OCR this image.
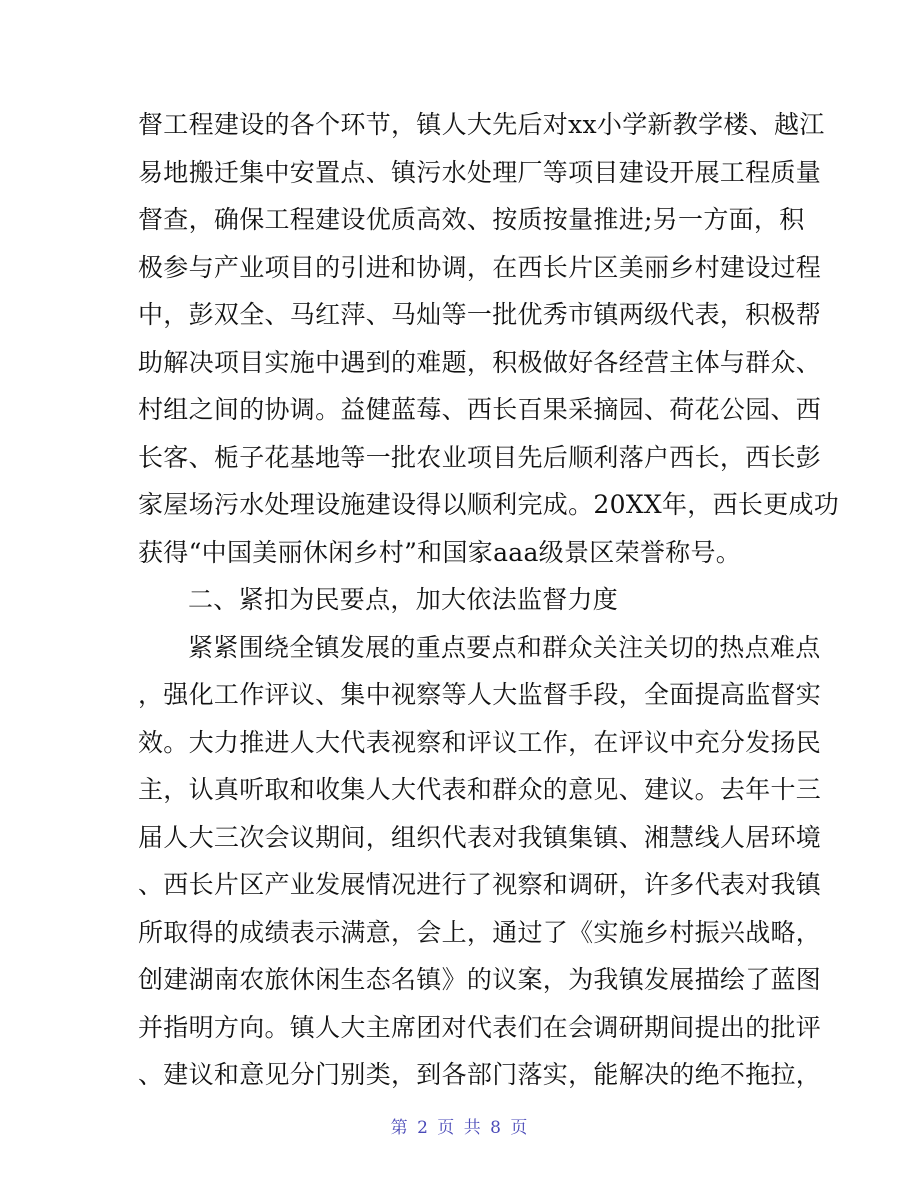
督工程建设的各个环节，镇人大先后对xx小学新教学楼、越江
易地搬迁集中安置点、镇污水处理厂等项目建设开展工程质量
督查，确保工程建设优质高效、按质按量推进;另一方面，积
极参与产业项目的引进和协调，在西长片区美丽乡村建设过程
中，彭双全、马红萍、马灿等一批优秀市镇两级代表，积极帮
助解决项目实施中遇到的难题，积极做好各经营主体与群众、
村组之间的协调。益健蓝莓、西长百果采摘园、荷花公园、西
长客、栀子花基地等一批农业项目先后顺利落户西长，西长彭
家屋场污水处理设施建设得以顺利完成。20XX年，西长更成功
获得“中国美丽休闲乡村”和国家aaa级景区荣誉称号。
二、紧扣为民要点，加大依法监督力度
紧紧围绕全镇发展的重点要点和群众关注关切的热点难点
，强化工作评议、集中视察等人大监督手段，全面提高监督实
效。大力推进人大代表视察和评议工作，在评议中充分发扬民
主，认真听取和收集人大代表和群众的意见、建议。去年十三
届人大三次会议期间，组织代表对我镇集镇、湘慧线人居环境
、西长片区产业发展情况进行了视察和调研，许多代表对我镇
所取得的成绩表示满意，会上，通过了《实施乡村振兴战略，
创建湖南农旅休闲生态名镇》的议案，为我镇发展描绘了蓝图
并指明方向。镇人大主席团对代表们在会调研期间提出的批评
、建议和意见分门别类，到各部门落实，能解决的绝不拖拉，
第 2 页 共 8 页
